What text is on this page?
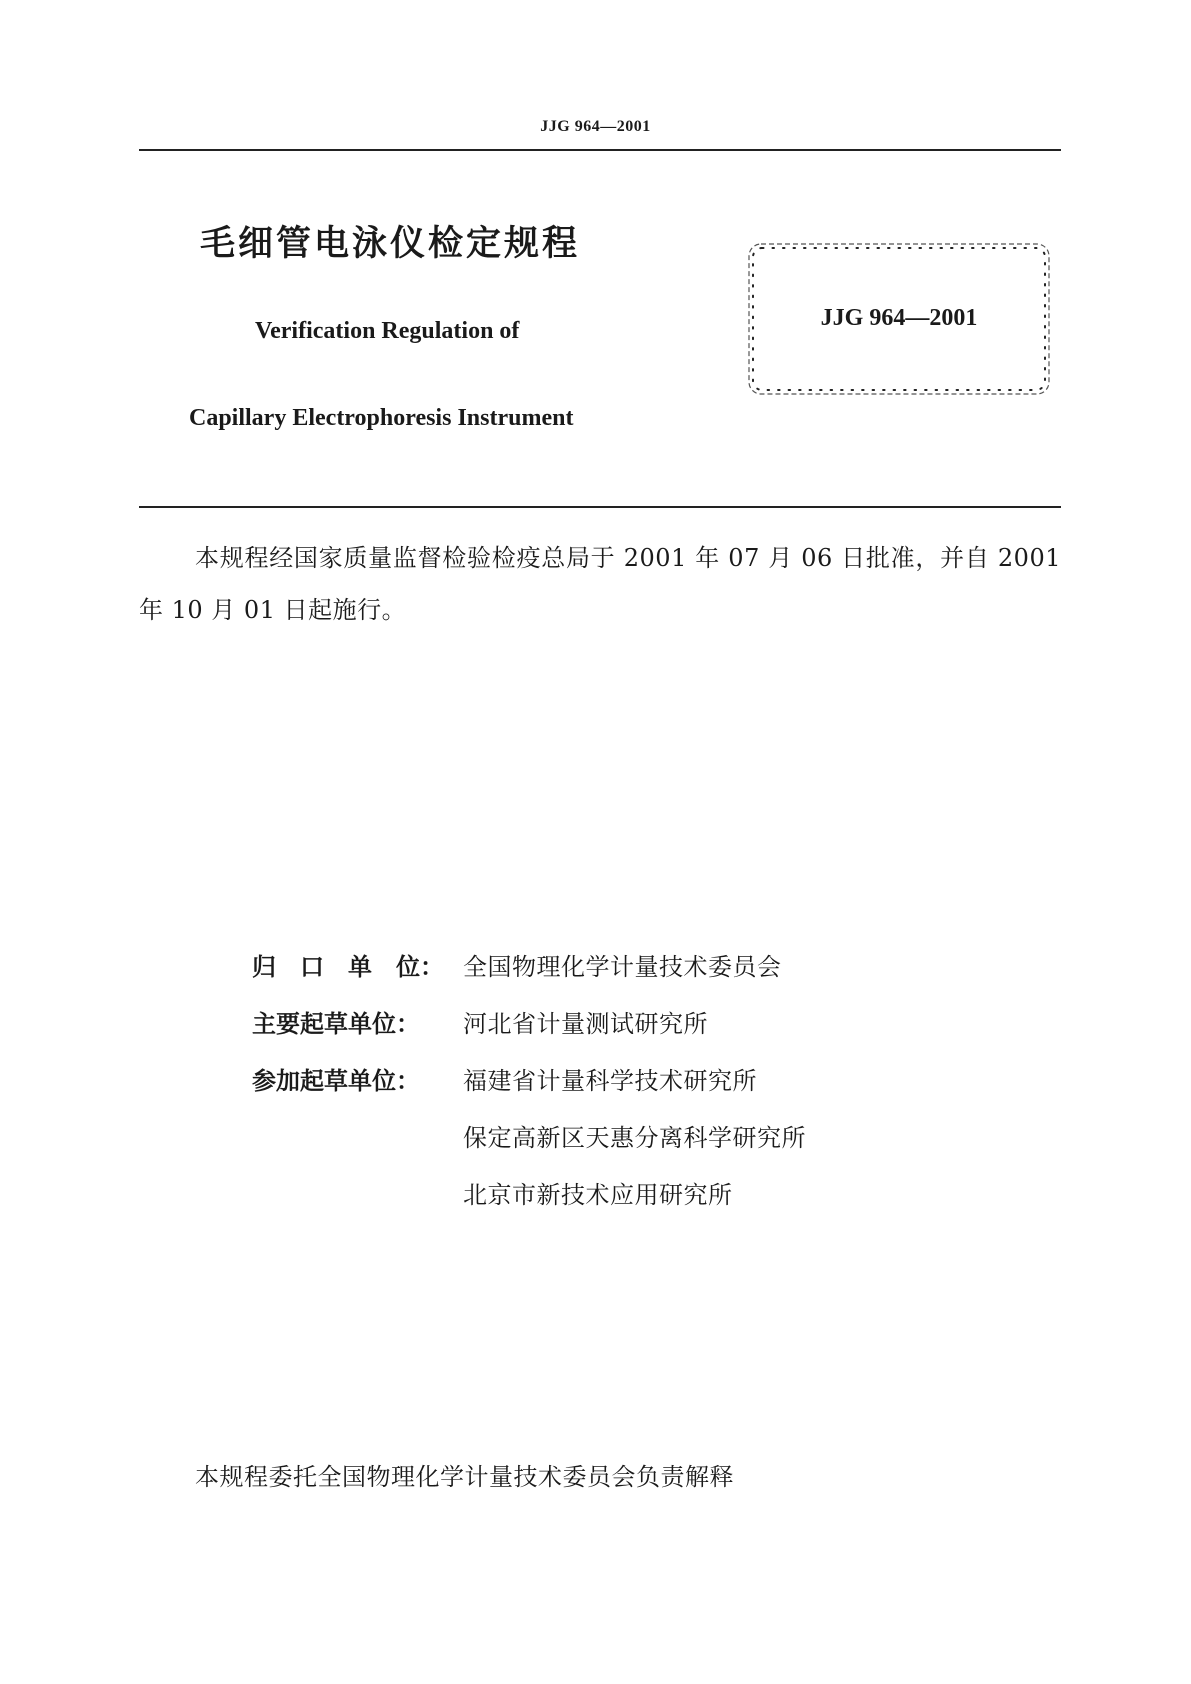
JJG 964—2001
毛细管电泳仪检定规程
Verification Regulation of
Capillary Electrophoresis Instrument
JJG 964—2001
本规程经国家质量监督检验检疫总局于 2001 年 07 月 06 日批准，并自 2001 年 10 月 01 日起施行。
归　口　单　位： 全国物理化学计量技术委员会
主要起草单位：	河北省计量测试研究所
参加起草单位：	福建省计量科学技术研究所
保定高新区天惠分离科学研究所
北京市新技术应用研究所
本规程委托全国物理化学计量技术委员会负责解释
